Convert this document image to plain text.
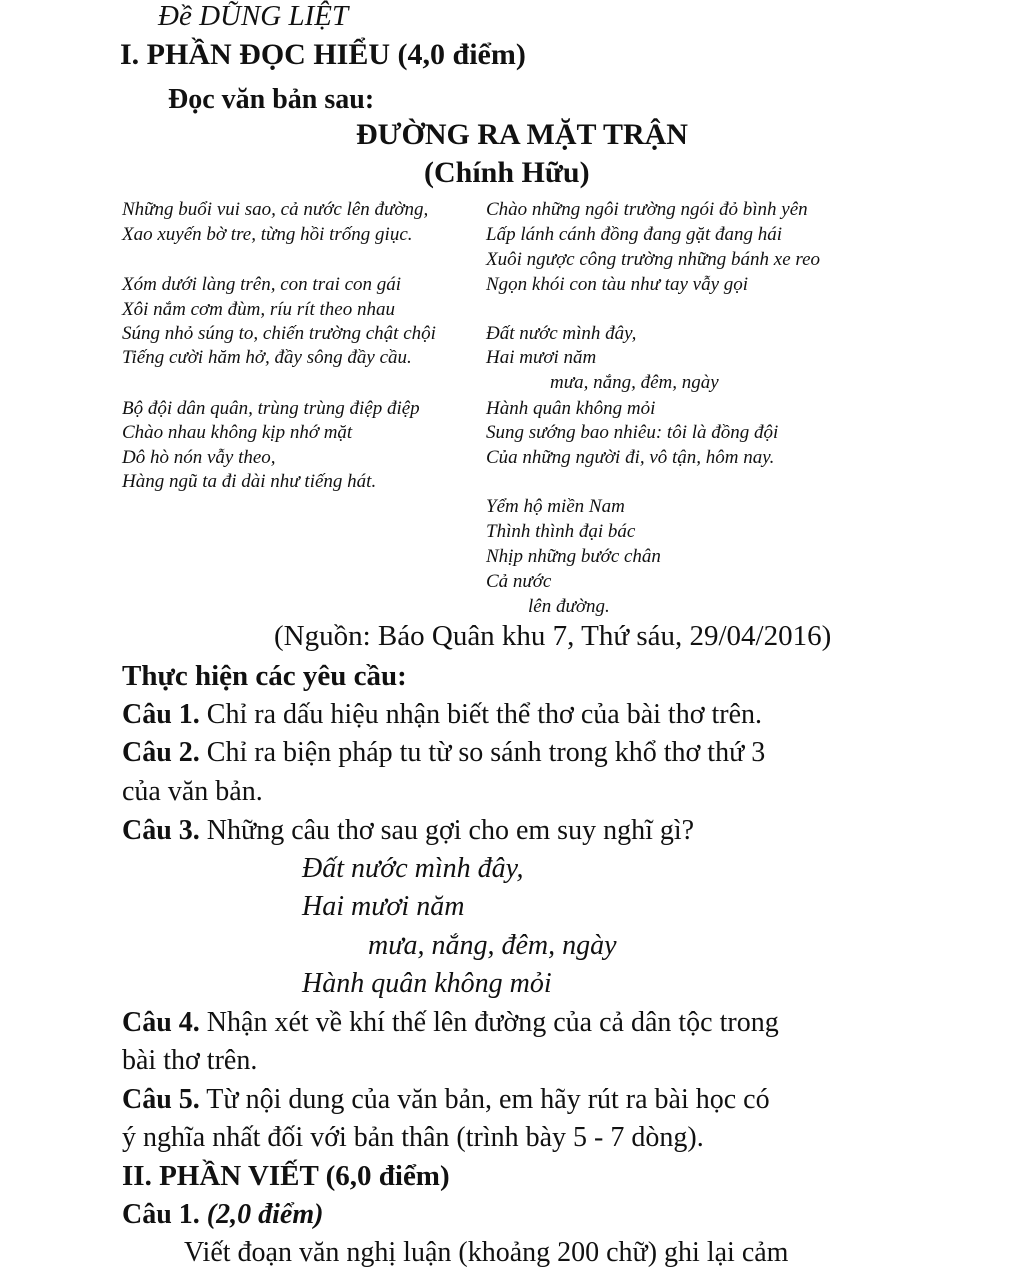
Đề DŨNG LIỆT
I. PHẦN ĐỌC HIỂU (4,0 điểm)
Đọc văn bản sau:
ĐƯỜNG RA MẶT TRẬN
(Chính Hữu)
Những buổi vui sao, cả nước lên đường,
Xao xuyến bờ tre, từng hồi trống giục.
Xóm dưới làng trên, con trai con gái
Xôi nắm cơm đùm, ríu rít theo nhau
Súng nhỏ súng to, chiến trường chật chội
Tiếng cười hăm hở, đầy sông đầy cầu.
Bộ đội dân quân, trùng trùng điệp điệp
Chào nhau không kịp nhớ mặt
Dô hò nón vẫy theo,
Hàng ngũ ta đi dài như tiếng hát.
Chào những ngôi trường ngói đỏ bình yên
Lấp lánh cánh đồng đang gặt đang hái
Xuôi ngược công trường những bánh xe reo
Ngọn khói con tàu như tay vẫy gọi
Đất nước mình đây,
Hai mươi năm
mưa, nắng, đêm, ngày
Hành quân không mỏi
Sung sướng bao nhiêu: tôi là đồng đội
Của những người đi, vô tận, hôm nay.
Yểm hộ miền Nam
Thình thình đại bác
Nhịp những bước chân
Cả nước
lên đường.
(Nguồn: Báo Quân khu 7, Thứ sáu, 29/04/2016)
Thực hiện các yêu cầu:
Câu 1. Chỉ ra dấu hiệu nhận biết thể thơ của bài thơ trên.
Câu 2. Chỉ ra biện pháp tu từ so sánh trong khổ thơ thứ 3
của văn bản.
Câu 3. Những câu thơ sau gợi cho em suy nghĩ gì?
Đất nước mình đây,
Hai mươi năm
mưa, nắng, đêm, ngày
Hành quân không mỏi
Câu 4. Nhận xét về khí thế lên đường của cả dân tộc trong
bài thơ trên.
Câu 5. Từ nội dung của văn bản, em hãy rút ra bài học có
ý nghĩa nhất đối với bản thân (trình bày 5 - 7 dòng).
II. PHẦN VIẾT (6,0 điểm)
Câu 1. (2,0 điểm)
Viết đoạn văn nghị luận (khoảng 200 chữ) ghi lại cảm
